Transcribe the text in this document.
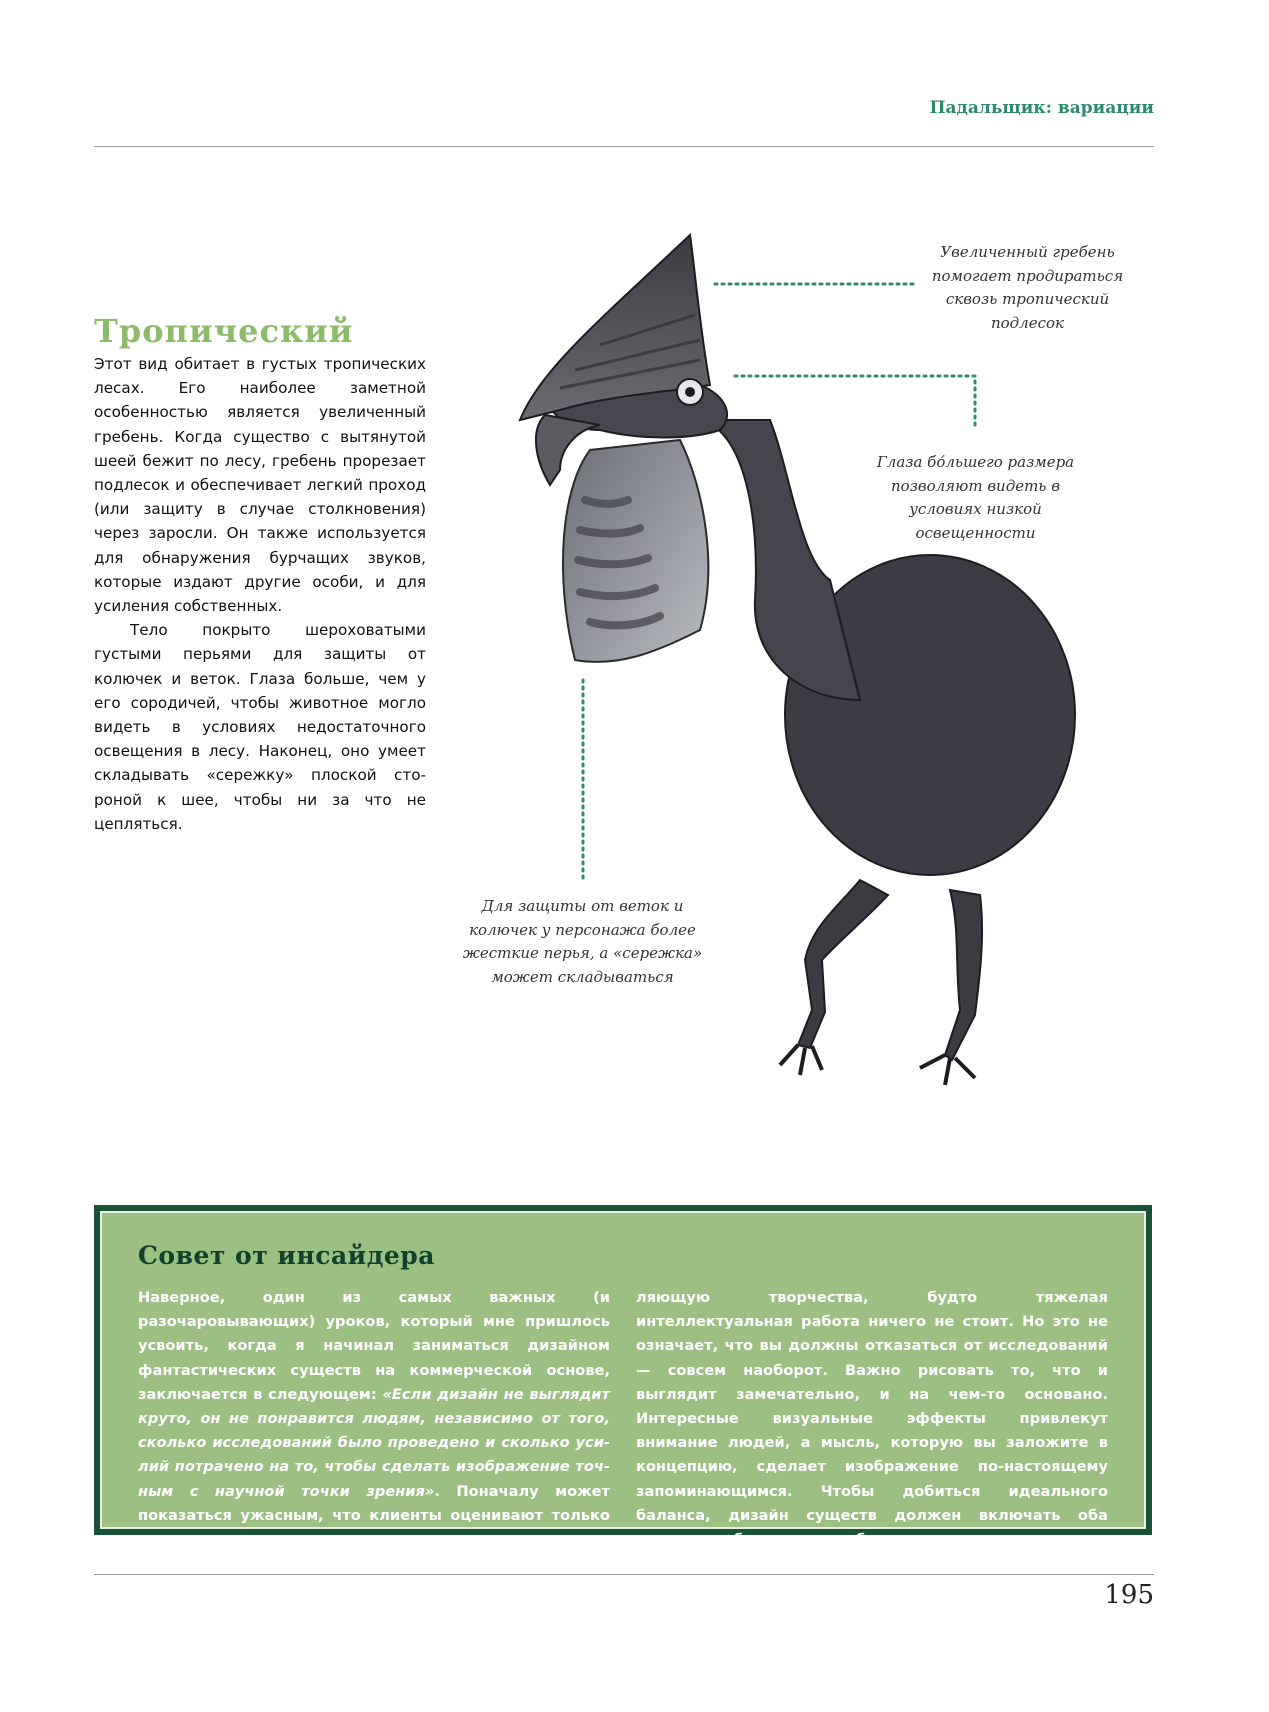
Падальщик: вариации
Тропический

Этот вид обитает в густых тропических лесах. Его наиболее заметной особенностью является увеличенный гребень. Когда существо с вытянутой шеей бежит по лесу, гребень прорезает подлесок и обеспечивает легкий проход (или защиту в случае столкновения) через заросли. Он также используется для обнаружения бурчащих звуков, которые издают другие особи, и для усиления собственных.

Тело покрыто шероховатыми густыми перьями для защиты от колючек и веток. Глаза больше, чем у его сородичей, чтобы животное могло видеть в условиях недостаточного освещения в лесу. Наконец, оно умеет складывать «сережку» плоской стороной к шее, чтобы ни за что не цепляться.

Увеличенный гребень помогает продираться сквозь тропический подлесок

Глаза бо́льшего размера позволяют видеть в условиях низкой освещенности

Для защиты от веток и колючек у персонажа более жесткие перья, а «сережка» может складываться

Совет от инсайдера

Наверное, один из самых важных (и разочаровывающих) уроков, который мне пришлось усвоить, когда я начинал заниматься дизайном фантастических существ на коммерческой основе, заключается в следующем: «Если дизайн не выглядит круто, он не понравится людям, независимо от того, сколько исследований было проведено и сколько усилий потрачено на то, чтобы сделать изображение точным с научной точки зрения». Поначалу может показаться ужасным, что клиенты оценивают только внешнюю состав

ляющую творчества, будто тяжелая интеллектуальная работа ничего не стоит. Но это не означает, что вы должны отказаться от исследований — совсем наоборот. Важно рисовать то, что и выглядит замечательно, и на чем-то основано. Интересные визуальные эффекты привлекут внимание людей, а мысль, которую вы заложите в концепцию, сделает изображение по-настоящему запоминающимся. Чтобы добиться идеального баланса, дизайн существ должен включать оба аспекта, работающих сообща.

195
